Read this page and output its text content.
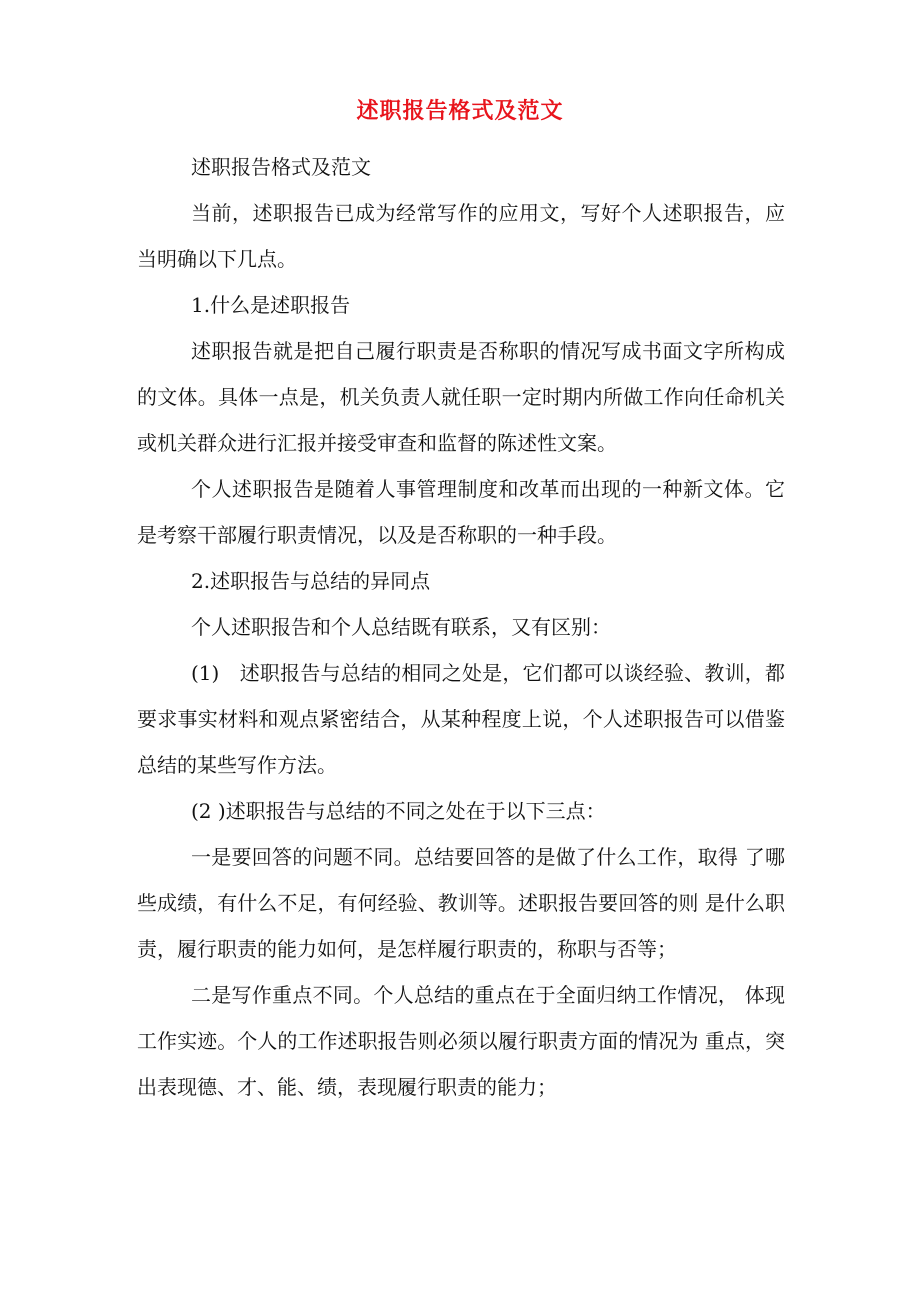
述职报告格式及范文

述职报告格式及范文

当前，述职报告已成为经常写作的应用文，写好个人述职报告，应当明确以下几点。

1.什么是述职报告

述职报告就是把自己履行职责是否称职的情况写成书面文字所构成的文体。具体一点是，机关负责人就任职一定时期内所做工作向任命机关或机关群众进行汇报并接受审查和监督的陈述性文案。

个人述职报告是随着人事管理制度和改革而出现的一种新文体。它是考察干部履行职责情况，以及是否称职的一种手段。

2.述职报告与总结的异同点

个人述职报告和个人总结既有联系，又有区别：

(1)　述职报告与总结的相同之处是，它们都可以谈经验、教训，都要求事实材料和观点紧密结合，从某种程度上说，个人述职报告可以借鉴总结的某些写作方法。

(2 )述职报告与总结的不同之处在于以下三点：

一是要回答的问题不同。总结要回答的是做了什么工作，取得 了哪些成绩，有什么不足，有何经验、教训等。述职报告要回答的则 是什么职责，履行职责的能力如何，是怎样履行职责的，称职与否等；

二是写作重点不同。个人总结的重点在于全面归纳工作情况， 体现工作实迹。个人的工作述职报告则必须以履行职责方面的情况为 重点，突出表现德、才、能、绩，表现履行职责的能力；
